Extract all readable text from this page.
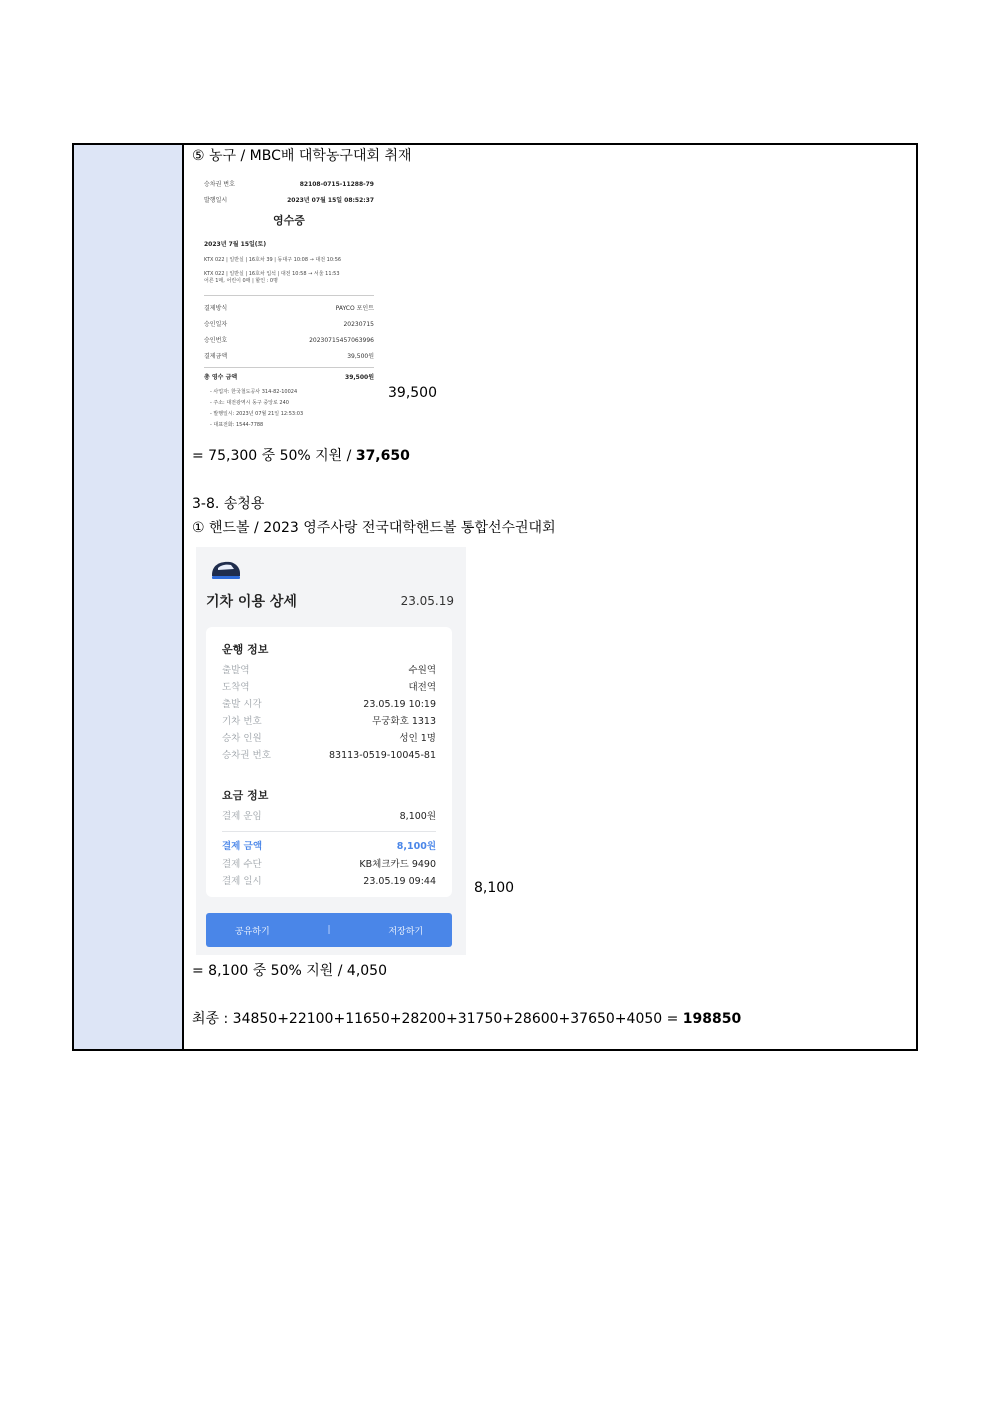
⑤ 농구 / MBC배 대학농구대회 취재
승차권 번호	82108-0715-11288-79
발행일시	2023년 07월 15일 08:52:37
영수증
2023년 7월 15일(토)
KTX 022 | 일반실 | 16호차 39 | 동대구 10:08 → 대전 10:56
KTX 022 | 일반실 | 16호차 입석 | 대전 10:58 → 서울 11:53
어른 1매, 어린이 0매 | 할인 : 0명
결제방식	PAYCO 포인트
승인일자	20230715
승인번호	20230715457063996
결제금액	39,500원
총 영수 금액	39,500원
- 사업자: 한국철도공사 314-82-10024
- 주소: 대전광역시 동구 중앙로 240
- 발행일시: 2023년 07월 21일 12:53:03
- 대표전화: 1544-7788
39,500
= 75,300 중 50% 지원 / 37,650
3-8. 송청용
① 핸드볼 / 2023 영주사랑 전국대학핸드볼 통합선수권대회
기차 이용 상세	23.05.19
운행 정보
출발역	수원역
도착역	대전역
출발 시각	23.05.19 10:19
기차 번호	무궁화호 1313
승차 인원	성인 1명
승차권 번호	83113-0519-10045-81
요금 정보
결제 운임	8,100원
결제 금액	8,100원
결제 수단	KB체크카드 9490
결제 일시	23.05.19 09:44
공유하기	|	저장하기
8,100
= 8,100 중 50% 지원 / 4,050
최종 : 34850+22100+11650+28200+31750+28600+37650+4050 = 198850
